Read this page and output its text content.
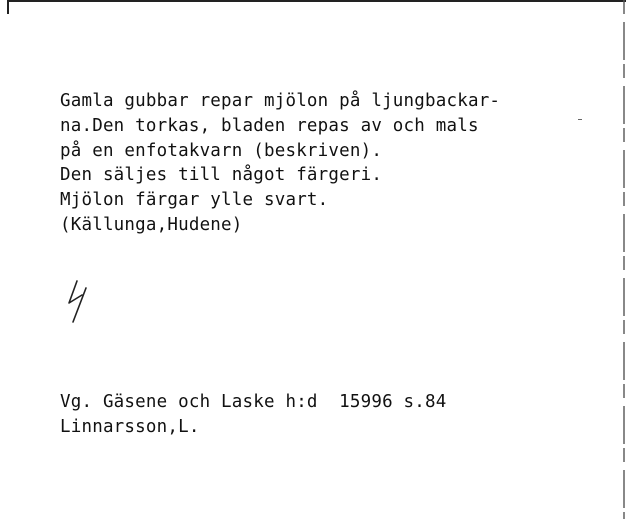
Gamla gubbar repar mjölon på ljungbackar-
na.Den torkas, bladen repas av och mals
på en enfotakvarn (beskriven).
Den säljes till något färgeri.
Mjölon färgar ylle svart.
(Källunga,Hudene)
Vg. Gäsene och Laske h:d  15996 s.84
Linnarsson,L.
